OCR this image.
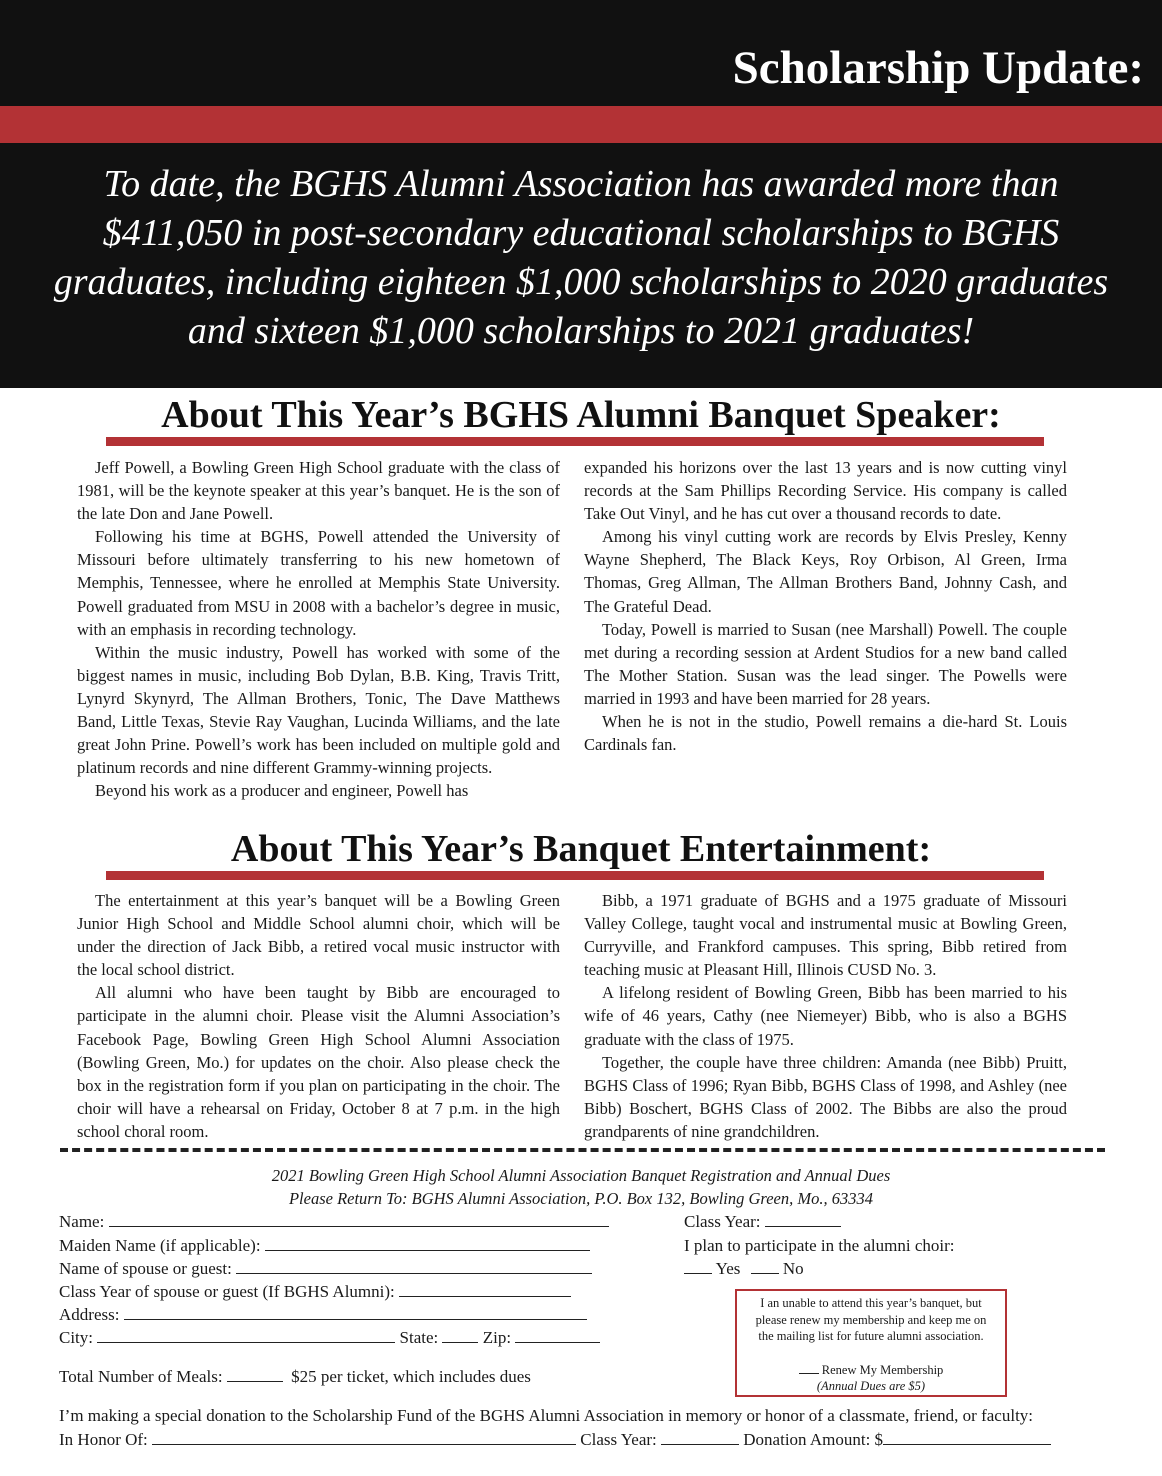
Scholarship Update:
To date, the BGHS Alumni Association has awarded more than $411,050 in post-secondary educational scholarships to BGHS graduates, including eighteen $1,000 scholarships to 2020 graduates and sixteen $1,000 scholarships to 2021 graduates!
About This Year’s BGHS Alumni Banquet Speaker:

Jeff Powell, a Bowling Green High School graduate with the class of 1981, will be the keynote speaker at this year’s banquet. He is the son of the late Don and Jane Powell.

Following his time at BGHS, Powell attended the University of Missouri before ultimately transferring to his new hometown of Memphis, Tennessee, where he enrolled at Memphis State University. Powell graduated from MSU in 2008 with a bachelor’s degree in music, with an emphasis in recording technology.

Within the music industry, Powell has worked with some of the biggest names in music, including Bob Dylan, B.B. King, Travis Tritt, Lynyrd Skynyrd, The Allman Brothers, Tonic, The Dave Matthews Band, Little Texas, Stevie Ray Vaughan, Lucinda Williams, and the late great John Prine. Powell’s work has been included on multiple gold and platinum records and nine different Grammy-winning projects.

Beyond his work as a producer and engineer, Powell has

expanded his horizons over the last 13 years and is now cutting vinyl records at the Sam Phillips Recording Service. His company is called Take Out Vinyl, and he has cut over a thousand records to date.

Among his vinyl cutting work are records by Elvis Presley, Kenny Wayne Shepherd, The Black Keys, Roy Orbison, Al Green, Irma Thomas, Greg Allman, The Allman Brothers Band, Johnny Cash, and The Grateful Dead.

Today, Powell is married to Susan (nee Marshall) Powell. The couple met during a recording session at Ardent Studios for a new band called The Mother Station. Susan was the lead singer. The Powells were married in 1993 and have been married for 28 years.

When he is not in the studio, Powell remains a die-hard St. Louis Cardinals fan.

About This Year’s Banquet Entertainment:

The entertainment at this year’s banquet will be a Bowling Green Junior High School and Middle School alumni choir, which will be under the direction of Jack Bibb, a retired vocal music instructor with the local school district.

All alumni who have been taught by Bibb are encouraged to participate in the alumni choir. Please visit the Alumni Association’s Facebook Page, Bowling Green High School Alumni Association (Bowling Green, Mo.) for updates on the choir. Also please check the box in the registration form if you plan on participating in the choir. The choir will have a rehearsal on Friday, October 8 at 7 p.m. in the high school choral room.

Bibb, a 1971 graduate of BGHS and a 1975 graduate of Missouri Valley College, taught vocal and instrumental music at Bowling Green, Curryville, and Frankford campuses. This spring, Bibb retired from teaching music at Pleasant Hill, Illinois CUSD No. 3.

A lifelong resident of Bowling Green, Bibb has been married to his wife of 46 years, Cathy (nee Niemeyer) Bibb, who is also a BGHS graduate with the class of 1975.

Together, the couple have three children: Amanda (nee Bibb) Pruitt, BGHS Class of 1996; Ryan Bibb, BGHS Class of 1998, and Ashley (nee Bibb) Boschert, BGHS Class of 2002. The Bibbs are also the proud grandparents of nine grandchildren.

2021 Bowling Green High School Alumni Association Banquet Registration and Annual Dues
Please Return To: BGHS Alumni Association, P.O. Box 132, Bowling Green, Mo., 63334
Name:
Maiden Name (if applicable):
Name of spouse or guest:
Class Year of spouse or guest (If BGHS Alumni):
Address:
City:	State:	Zip:
Total Number of Meals:	$25 per ticket, which includes dues
Class Year:
I plan to participate in the alumni choir:
Yes	No
I an unable to attend this year’s banquet, but please renew my membership and keep me on the mailing list for future alumni association.
Renew My Membership
(Annual Dues are $5)
I’m making a special donation to the Scholarship Fund of the BGHS Alumni Association in memory or honor of a classmate, friend, or faculty:
In Honor Of:	Class Year:	Donation Amount: $
